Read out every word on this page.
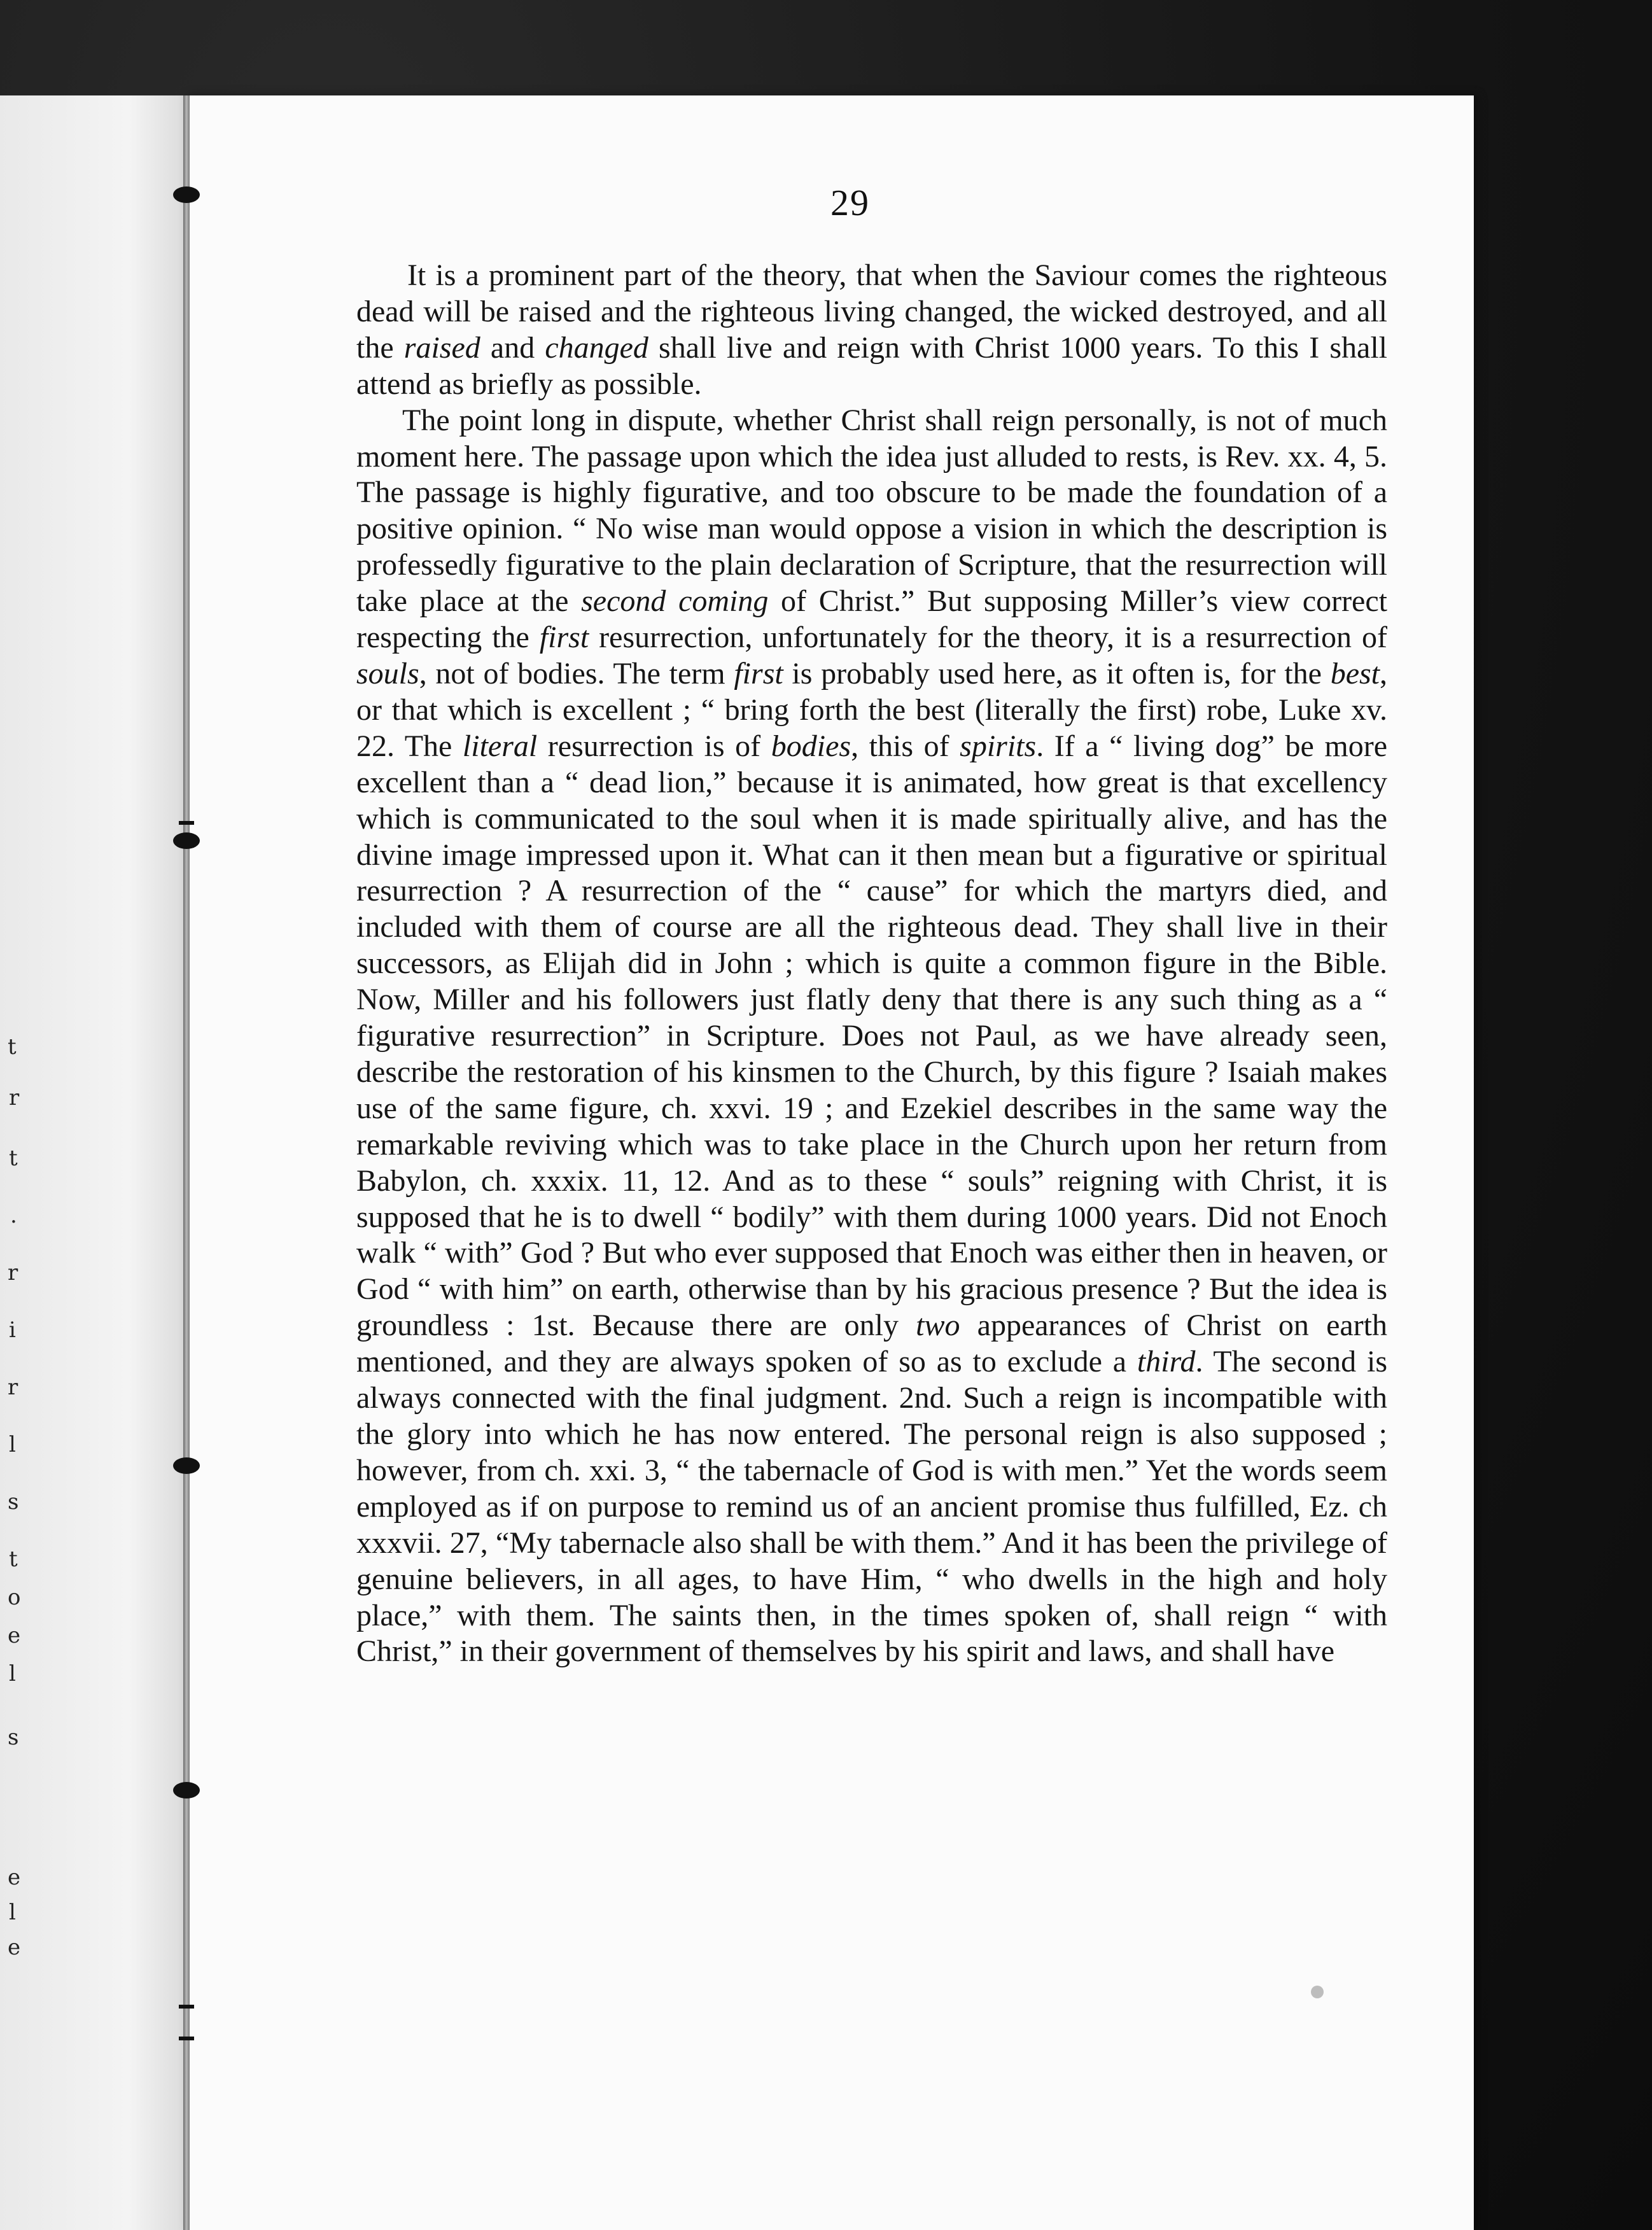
t
r
t
.
r
i
r
l
s
t
o
e
l
s
e
l
e
29

It is a prominent part of the theory, that when the Saviour comes the righteous dead will be raised and the righteous living changed, the wicked destroyed, and all the raised and changed shall live and reign with Christ 1000 years. To this I shall attend as briefly as possible.

The point long in dispute, whether Christ shall reign personally, is not of much moment here. The passage upon which the idea just alluded to rests, is Rev. xx. 4, 5. The passage is highly figurative, and too obscure to be made the foundation of a positive opinion. “ No wise man would oppose a vision in which the description is professedly figurative to the plain declaration of Scripture, that the resurrection will take place at the second coming of Christ.” But supposing Miller’s view correct respecting the first resurrection, unfortunately for the theory, it is a resurrection of souls, not of bodies. The term first is probably used here, as it often is, for the best, or that which is excellent ; “ bring forth the best (literally the first) robe, Luke xv. 22. The literal resurrection is of bodies, this of spirits. If a “ living dog” be more excellent than a “ dead lion,” because it is animated, how great is that excellency which is communicated to the soul when it is made spiritually alive, and has the divine image impressed upon it. What can it then mean but a figurative or spiritual resurrection ? A resurrection of the “ cause” for which the martyrs died, and included with them of course are all the righteous dead. They shall live in their successors, as Elijah did in John ; which is quite a common figure in the Bible. Now, Miller and his followers just flatly deny that there is any such thing as a “ figurative resurrection” in Scripture. Does not Paul, as we have already seen, describe the restoration of his kinsmen to the Church, by this figure ? Isaiah makes use of the same figure, ch. xxvi. 19 ; and Ezekiel describes in the same way the remarkable reviving which was to take place in the Church upon her return from Babylon, ch. xxxix. 11, 12. And as to these “ souls” reigning with Christ, it is supposed that he is to dwell “ bodily” with them during 1000 years. Did not Enoch walk “ with” God ? But who ever supposed that Enoch was either then in heaven, or God “ with him” on earth, otherwise than by his gracious presence ? But the idea is groundless : 1st. Because there are only two appearances of Christ on earth mentioned, and they are always spoken of so as to exclude a third. The second is always connected with the final judgment. 2nd. Such a reign is incompatible with the glory into which he has now entered. The personal reign is also supposed ; however, from ch. xxi. 3, “ the tabernacle of God is with men.” Yet the words seem employed as if on purpose to remind us of an ancient promise thus fulfilled, Ez. ch xxxvii. 27, “My tabernacle also shall be with them.” And it has been the privilege of genuine believers, in all ages, to have Him, “ who dwells in the high and holy place,” with them. The saints then, in the times spoken of, shall reign “ with Christ,” in their government of themselves by his spirit and laws, and shall have
